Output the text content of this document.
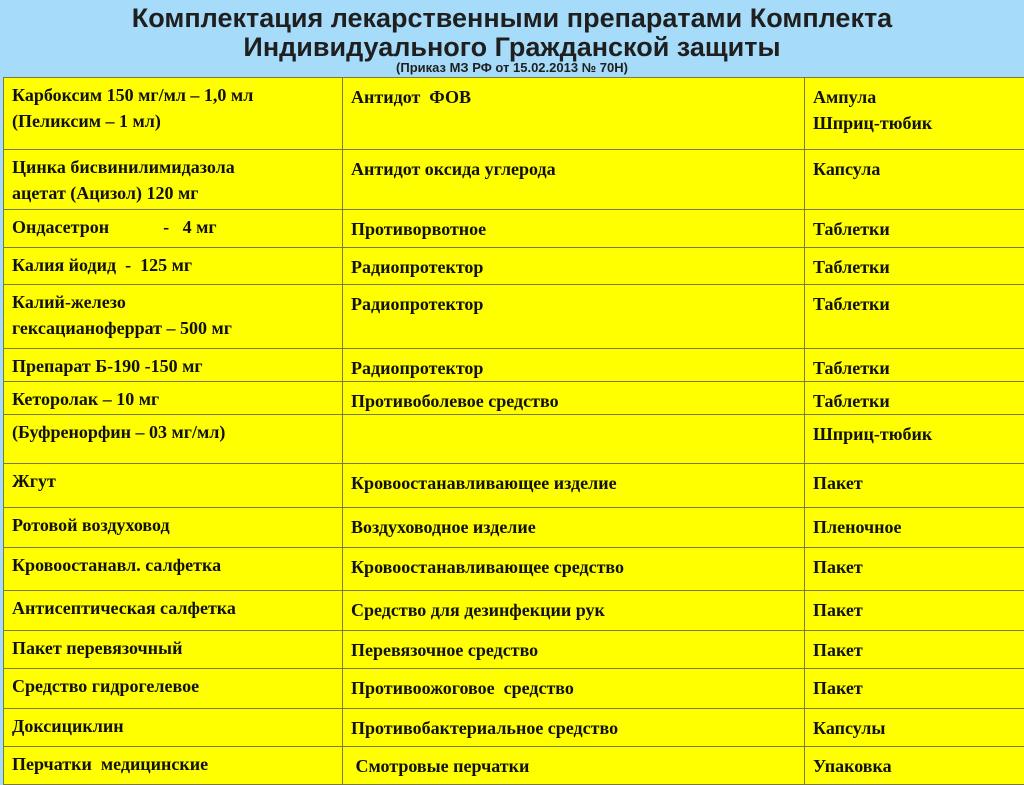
Комплектация лекарственными препаратами Комплекта
Индивидуального Гражданской защиты
(Приказ МЗ РФ от 15.02.2013 № 70Н)
Карбоксим 150 мг/мл – 1,0 мл
(Пеликсим – 1 мл)	Антидот  ФОВ	Ампула
Шприц-тюбик

Цинка бисвинилимидазола
ацетат (Ацизол) 120 мг	Антидот оксида углерода	Капсула

Ондасетрон            -   4 мг	Противорвотное	Таблетки

Калия йодид  -  125 мг	Радиопротектор	Таблетки

Калий-железо
гексацианоферрат – 500 мг	Радиопротектор	Таблетки

Препарат Б-190 -150 мг	Радиопротектор	Таблетки

Кеторолак – 10 мг	Противоболевое средство	Таблетки

(Буфренорфин – 03 мг/мл)		Шприц-тюбик

Жгут	Кровоостанавливающее изделие	Пакет

Ротовой воздуховод	Воздуховодное изделие	Пленочное

Кровоостанавл. салфетка	Кровоостанавливающее средство	Пакет

Антисептическая салфетка	Средство для дезинфекции рук	Пакет

Пакет перевязочный	Перевязочное средство	Пакет

Средство гидрогелевое	Противоожоговое  средство	Пакет

Доксициклин	Противобактериальное средство	Капсулы

Перчатки  медицинские	Смотровые перчатки	Упаковка
